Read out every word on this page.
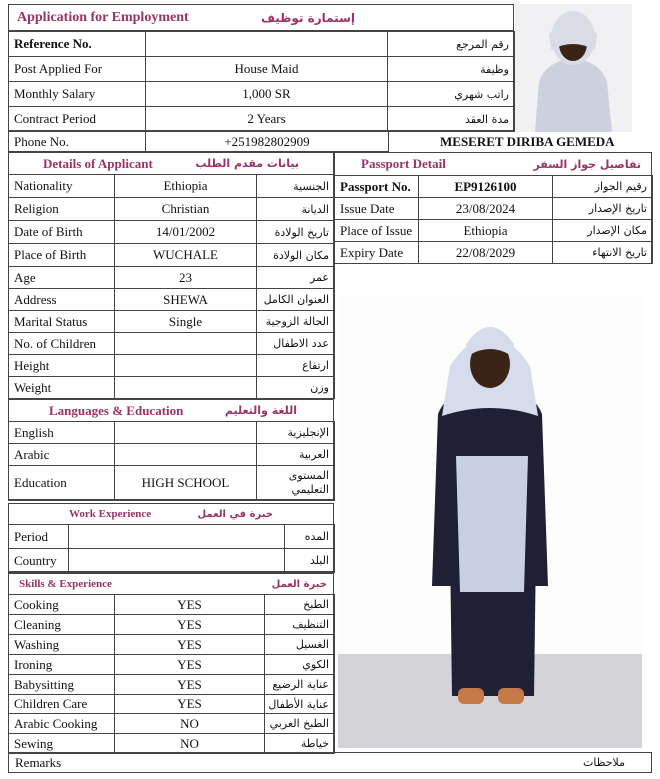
Application for Employment	إستمارة توظيف
Reference No.		رقم المرجع
Post Applied For	House Maid	وظيفة
Monthly Salary	1,000 SR	راتب شهري
Contract Period	2 Years	مدة العقد
Phone No.	+251982802909	MESERET DIRIBA GEMEDA
Details of Applicant	بيانات مقدم الطلب
Nationality	Ethiopia	الجنسية
Religion	Christian	الديانة
Date of Birth	14/01/2002	تاريخ الولادة
Place of Birth	WUCHALE	مكان الولادة
Age	23	عمر
Address	SHEWA	العنوان الكامل
Marital Status	Single	الحالة الزوجية
No. of Children		عدد الاطفال
Height		ارتفاع
Weight		وزن
Languages & Education	اللغة والتعليم
English		الإنجليزية
Arabic		العربية
Education	HIGH SCHOOL	المستوى التعليمي
Work Experience	خبرة في العمل
Period		المده
Country		البلد
Skills & Experience	خبرة العمل
Cooking	YES	الطبخ
Cleaning	YES	التنظيف
Washing	YES	الغسيل
Ironing	YES	الكوي
Babysitting	YES	عناية الرضيع
Children Care	YES	عناية الأطفال
Arabic Cooking	NO	الطبخ العربي
Sewing	NO	خياطة
Remarks	ملاحظات
Passport Detail	تفاصيل جواز السفر
Passport No.	EP9126100	رقيم الجواز
Issue Date	23/08/2024	تاريخ الإصدار
Place of Issue	Ethiopia	مكان الإصدار
Expiry Date	22/08/2029	تاريخ الانتهاء
